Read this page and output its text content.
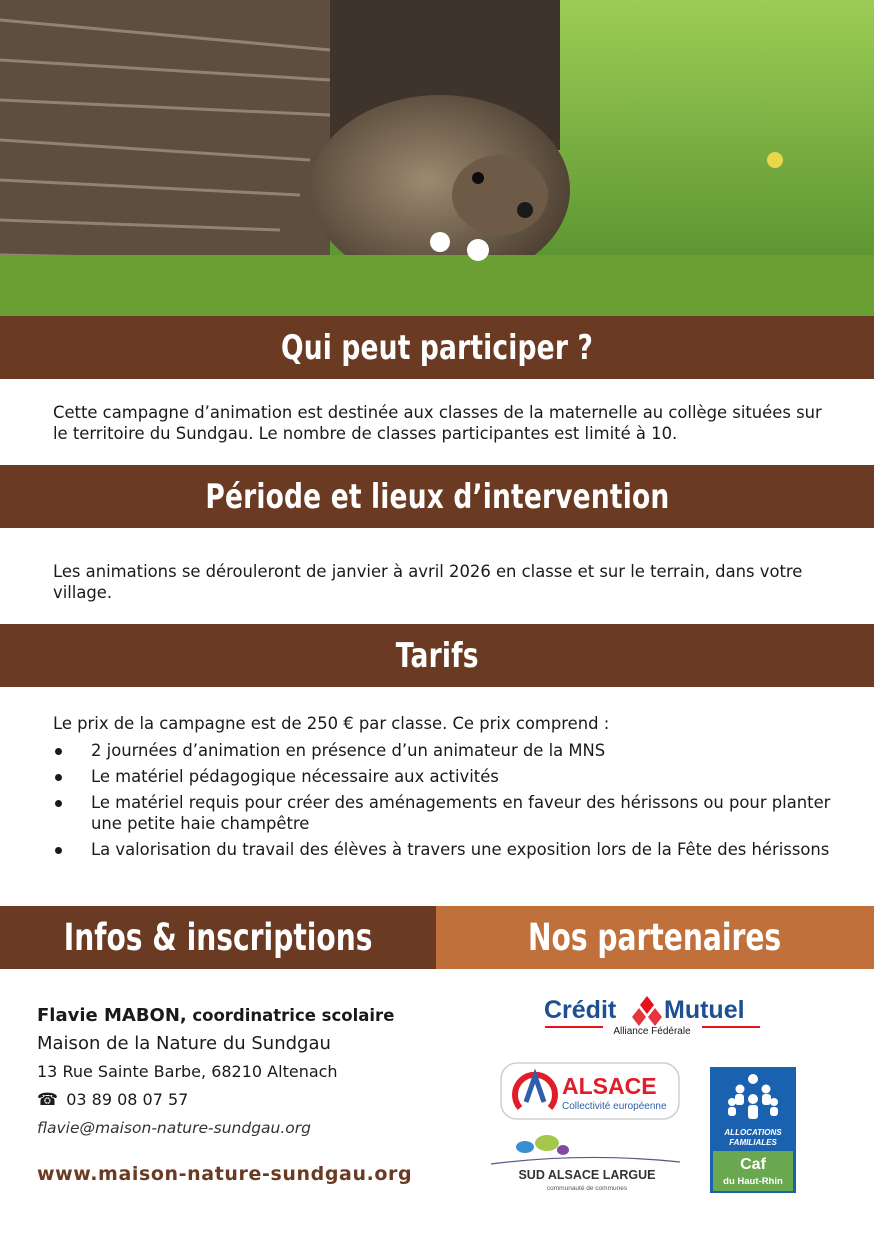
Qui peut participer ?

Cette campagne d’animation est destinée aux classes de la maternelle au collège situées sur le territoire du Sundgau. Le nombre de classes participantes est limité à 10.

Période et lieux d’intervention

Les animations se dérouleront de janvier à avril 2026 en classe et sur le terrain, dans votre village.

Tarifs

Le prix de la campagne est de 250 € par classe. Ce prix comprend :

2 journées d’animation en présence d’un animateur de la MNS
Le matériel pédagogique nécessaire aux activités
Le matériel requis pour créer des aménagements en faveur des hérissons ou pour planter une petite haie champêtre
La valorisation du travail des élèves à travers une exposition lors de la Fête des hérissons
Infos & inscriptions	Nos partenaires
Flavie MABON, coordinatrice scolaire
Maison de la Nature du Sundgau
13 Rue Sainte Barbe, 68210 Altenach
☎ 03 89 08 07 57
flavie@maison-nature-sundgau.org
www.maison-nature-sundgau.org
Crédit Mutuel
Alliance Fédérale
ALSACE
Collectivité européenne
SUD ALSACE LARGUE
communauté de communes
ALLOCATIONS
FAMILIALES
Caf
du Haut-Rhin
